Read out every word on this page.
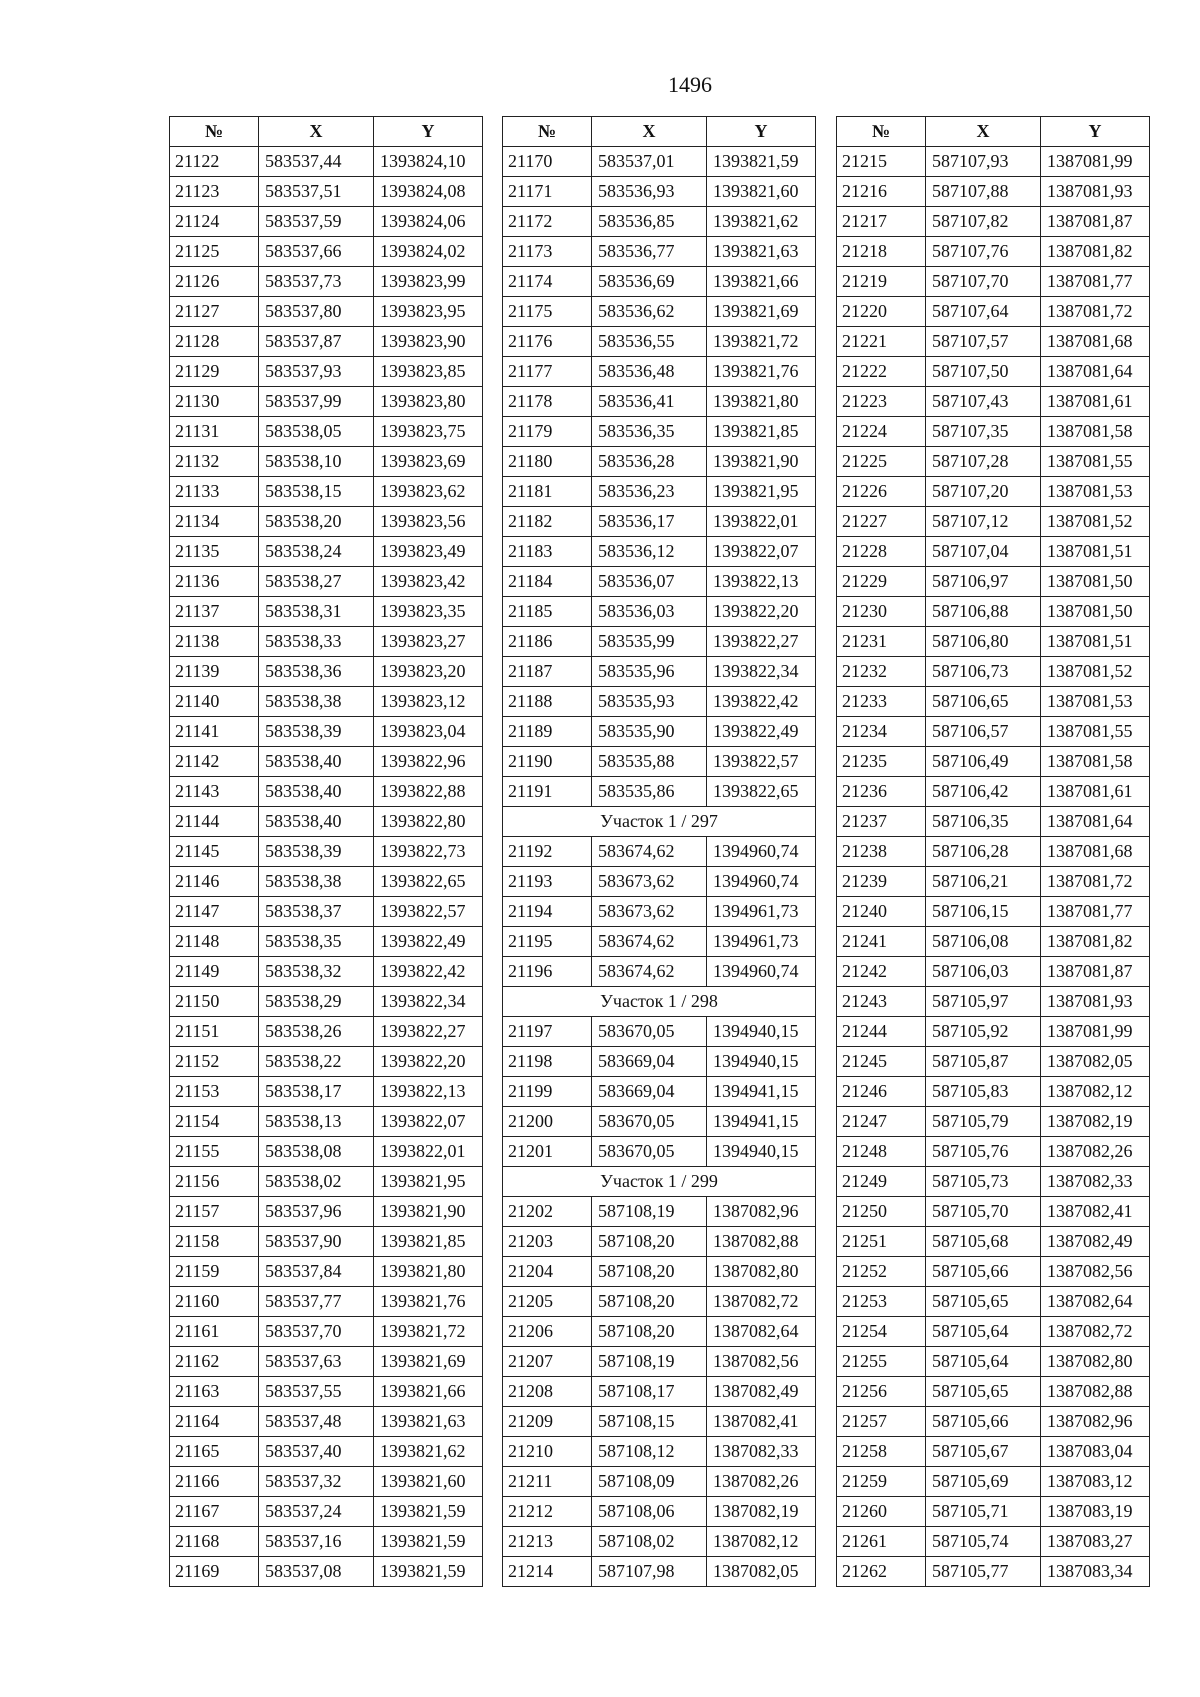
1496
№	X	Y
21122	583537,44	1393824,10
21123	583537,51	1393824,08
21124	583537,59	1393824,06
21125	583537,66	1393824,02
21126	583537,73	1393823,99
21127	583537,80	1393823,95
21128	583537,87	1393823,90
21129	583537,93	1393823,85
21130	583537,99	1393823,80
21131	583538,05	1393823,75
21132	583538,10	1393823,69
21133	583538,15	1393823,62
21134	583538,20	1393823,56
21135	583538,24	1393823,49
21136	583538,27	1393823,42
21137	583538,31	1393823,35
21138	583538,33	1393823,27
21139	583538,36	1393823,20
21140	583538,38	1393823,12
21141	583538,39	1393823,04
21142	583538,40	1393822,96
21143	583538,40	1393822,88
21144	583538,40	1393822,80
21145	583538,39	1393822,73
21146	583538,38	1393822,65
21147	583538,37	1393822,57
21148	583538,35	1393822,49
21149	583538,32	1393822,42
21150	583538,29	1393822,34
21151	583538,26	1393822,27
21152	583538,22	1393822,20
21153	583538,17	1393822,13
21154	583538,13	1393822,07
21155	583538,08	1393822,01
21156	583538,02	1393821,95
21157	583537,96	1393821,90
21158	583537,90	1393821,85
21159	583537,84	1393821,80
21160	583537,77	1393821,76
21161	583537,70	1393821,72
21162	583537,63	1393821,69
21163	583537,55	1393821,66
21164	583537,48	1393821,63
21165	583537,40	1393821,62
21166	583537,32	1393821,60
21167	583537,24	1393821,59
21168	583537,16	1393821,59
21169	583537,08	1393821,59
№	X	Y
21170	583537,01	1393821,59
21171	583536,93	1393821,60
21172	583536,85	1393821,62
21173	583536,77	1393821,63
21174	583536,69	1393821,66
21175	583536,62	1393821,69
21176	583536,55	1393821,72
21177	583536,48	1393821,76
21178	583536,41	1393821,80
21179	583536,35	1393821,85
21180	583536,28	1393821,90
21181	583536,23	1393821,95
21182	583536,17	1393822,01
21183	583536,12	1393822,07
21184	583536,07	1393822,13
21185	583536,03	1393822,20
21186	583535,99	1393822,27
21187	583535,96	1393822,34
21188	583535,93	1393822,42
21189	583535,90	1393822,49
21190	583535,88	1393822,57
21191	583535,86	1393822,65
Участок 1 / 297		
21192	583674,62	1394960,74
21193	583673,62	1394960,74
21194	583673,62	1394961,73
21195	583674,62	1394961,73
21196	583674,62	1394960,74
Участок 1 / 298		
21197	583670,05	1394940,15
21198	583669,04	1394940,15
21199	583669,04	1394941,15
21200	583670,05	1394941,15
21201	583670,05	1394940,15
Участок 1 / 299		
21202	587108,19	1387082,96
21203	587108,20	1387082,88
21204	587108,20	1387082,80
21205	587108,20	1387082,72
21206	587108,20	1387082,64
21207	587108,19	1387082,56
21208	587108,17	1387082,49
21209	587108,15	1387082,41
21210	587108,12	1387082,33
21211	587108,09	1387082,26
21212	587108,06	1387082,19
21213	587108,02	1387082,12
21214	587107,98	1387082,05
№	X	Y
21215	587107,93	1387081,99
21216	587107,88	1387081,93
21217	587107,82	1387081,87
21218	587107,76	1387081,82
21219	587107,70	1387081,77
21220	587107,64	1387081,72
21221	587107,57	1387081,68
21222	587107,50	1387081,64
21223	587107,43	1387081,61
21224	587107,35	1387081,58
21225	587107,28	1387081,55
21226	587107,20	1387081,53
21227	587107,12	1387081,52
21228	587107,04	1387081,51
21229	587106,97	1387081,50
21230	587106,88	1387081,50
21231	587106,80	1387081,51
21232	587106,73	1387081,52
21233	587106,65	1387081,53
21234	587106,57	1387081,55
21235	587106,49	1387081,58
21236	587106,42	1387081,61
21237	587106,35	1387081,64
21238	587106,28	1387081,68
21239	587106,21	1387081,72
21240	587106,15	1387081,77
21241	587106,08	1387081,82
21242	587106,03	1387081,87
21243	587105,97	1387081,93
21244	587105,92	1387081,99
21245	587105,87	1387082,05
21246	587105,83	1387082,12
21247	587105,79	1387082,19
21248	587105,76	1387082,26
21249	587105,73	1387082,33
21250	587105,70	1387082,41
21251	587105,68	1387082,49
21252	587105,66	1387082,56
21253	587105,65	1387082,64
21254	587105,64	1387082,72
21255	587105,64	1387082,80
21256	587105,65	1387082,88
21257	587105,66	1387082,96
21258	587105,67	1387083,04
21259	587105,69	1387083,12
21260	587105,71	1387083,19
21261	587105,74	1387083,27
21262	587105,77	1387083,34
